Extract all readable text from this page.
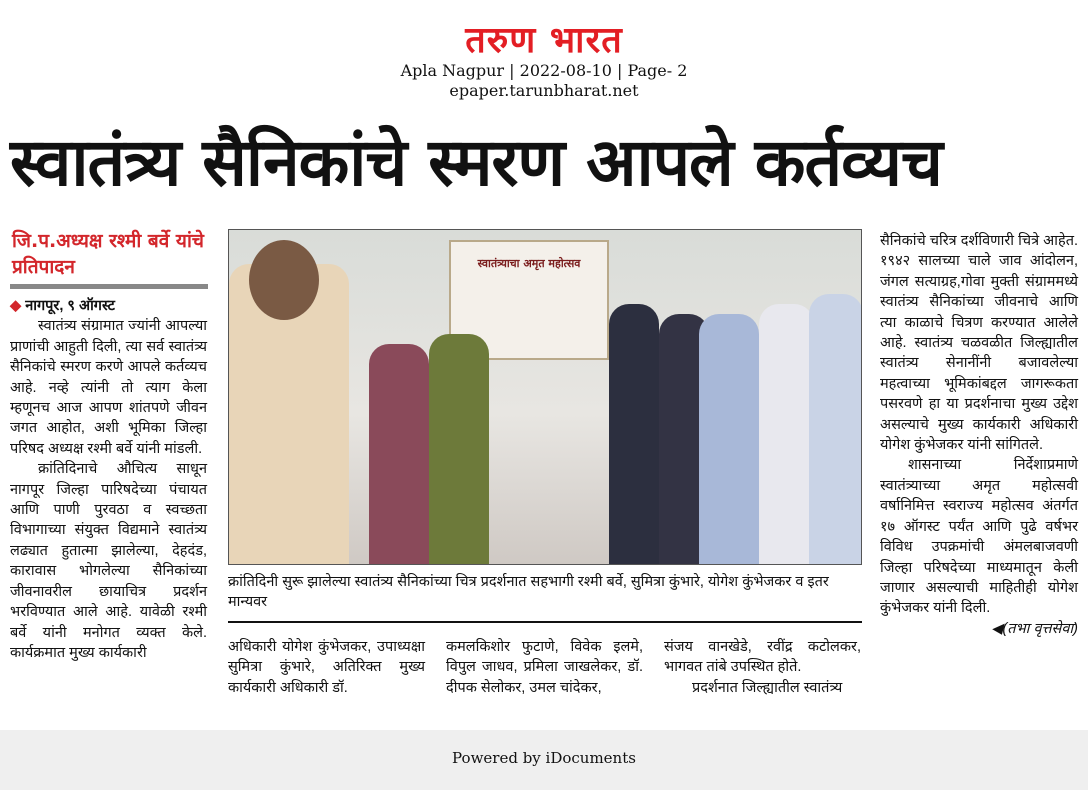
तरुण भारत
Apla Nagpur | 2022-08-10 | Page- 2
epaper.tarunbharat.net
स्वातंत्र्य सैनिकांचे स्मरण आपले कर्तव्यच
जि.प.अध्यक्ष रश्मी बर्वे यांचे प्रतिपादन

◆ नागपूर, ९ ऑगस्ट

स्वातंत्र्य संग्रामात ज्यांनी आपल्या प्राणांची आहुती दिली, त्या सर्व स्वातंत्र्य सैनिकांचे स्मरण करणे आपले कर्तव्यच आहे. नव्हे त्यांनी तो त्याग केला म्हणूनच आज आपण शांतपणे जीवन जगत आहोत, अशी भूमिका जिल्हा परिषद अध्यक्ष रश्मी बर्वे यांनी मांडली.

क्रांतिदिनाचे औचित्य साधून नागपूर जिल्हा पारिषदेच्या पंचायत आणि पाणी पुरवठा व स्वच्छता विभागाच्या संयुक्त विद्यमाने स्वातंत्र्य लढ्यात हुतात्मा झालेल्या, देहदंड, कारावास भोगलेल्या सैनिकांच्या जीवनावरील छायाचित्र प्रदर्शन भरविण्यात आले आहे. यावेळी रश्मी बर्वे यांनी मनोगत व्यक्त केले. कार्यक्रमात मुख्य कार्यकारी

स्वातंत्र्याचा अमृत महोत्सव
क्रांतिदिनी सुरू झालेल्या स्वातंत्र्य सैनिकांच्या चित्र प्रदर्शनात सहभागी रश्मी बर्वे, सुमित्रा कुंभारे, योगेश कुंभेजकर व इतर मान्यवर

अधिकारी योगेश कुंभेजकर, उपाध्यक्षा सुमित्रा कुंभारे, अतिरिक्त मुख्य कार्यकारी अधिकारी डॉ.

कमलकिशोर फुटाणे, विवेक इलमे, विपुल जाधव, प्रमिला जाखलेकर, डॉ. दीपक सेलोकर, उमल चांदेकर,

संजय वानखेडे, रवींद्र कटोलकर, भागवत तांबे उपस्थित होते.

प्रदर्शनात जिल्ह्यातील स्वातंत्र्य

सैनिकांचे चरित्र दर्शविणारी चित्रे आहेत. १९४२ सालच्या चाले जाव आंदोलन, जंगल सत्याग्रह,गोवा मुक्ती संग्राममध्ये स्वातंत्र्य सैनिकांच्या जीवनाचे आणि त्या काळाचे चित्रण करण्यात आलेले आहे. स्वातंत्र्य चळवळीत जिल्ह्यातील स्वातंत्र्य सेनानींनी बजावलेल्या महत्वाच्या भूमिकांबद्दल जागरूकता पसरवणे हा या प्रदर्शनाचा मुख्य उद्देश असल्याचे मुख्य कार्यकारी अधिकारी योगेश कुंभेजकर यांनी सांगितले.

शासनाच्या निर्देशाप्रमाणे स्वातंत्र्याच्या अमृत महोत्सवी वर्षानिमित्त स्वराज्य महोत्सव अंतर्गत १७ ऑगस्ट पर्यंत आणि पुढे वर्षभर विविध उपक्रमांची अंमलबाजवणी जिल्हा परिषदेच्या माध्यमातून केली जाणार असल्याची माहितीही योगेश कुंभेजकर यांनी दिली.

◀(तभा वृत्तसेवा)

Powered by iDocuments
